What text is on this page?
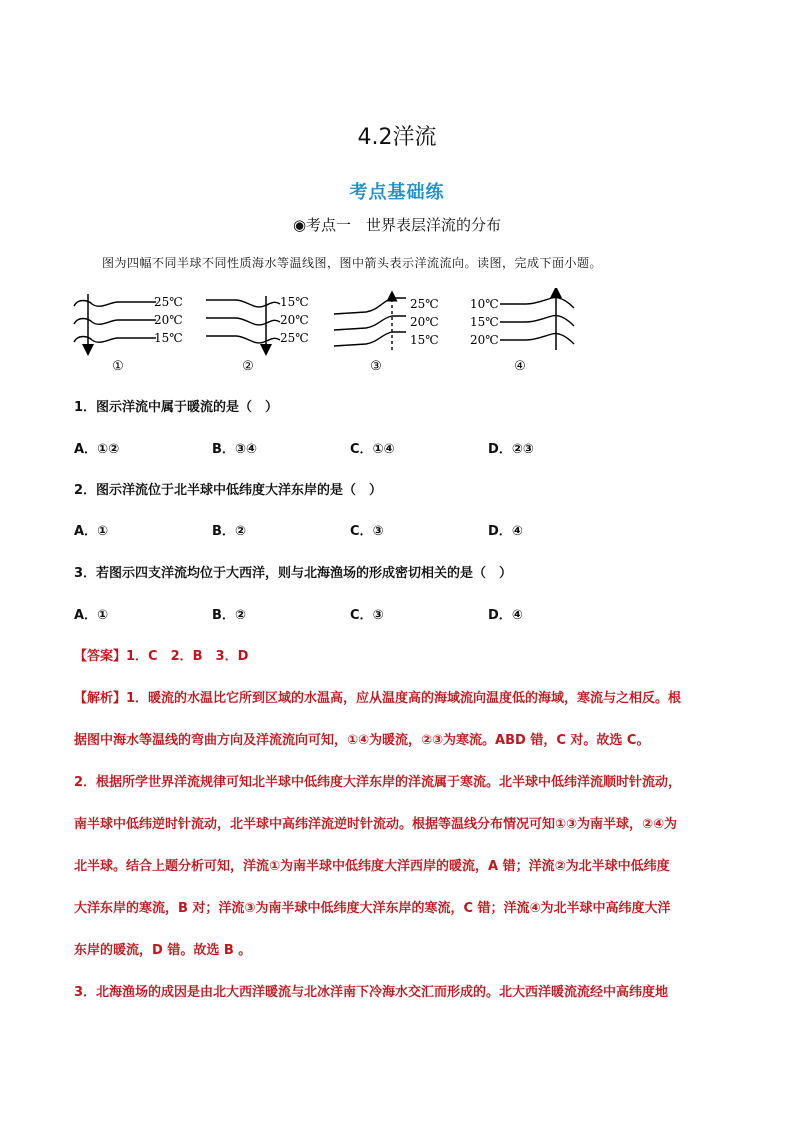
4.2洋流
考点基础练
◉考点一　世界表层洋流的分布
图为四幅不同半球不同性质海水等温线图，图中箭头表示洋流流向。读图，完成下面小题。
25℃
20℃
15℃
15℃
20℃
25℃
25℃
20℃
15℃
10℃
15℃
20℃
①	②	③	④
1．图示洋流中属于暖流的是（　）
A．①②	B．③④	C．①④	D．②③
2．图示洋流位于北半球中低纬度大洋东岸的是（　）
A．①	B．②	C．③	D．④
3．若图示四支洋流均位于大西洋，则与北海渔场的形成密切相关的是（　）
A．①	B．②	C．③	D．④
【答案】1．C　2．B　3．D
【解析】1．暖流的水温比它所到区域的水温高，应从温度高的海域流向温度低的海域，寒流与之相反。根
据图中海水等温线的弯曲方向及洋流流向可知，①④为暖流，②③为寒流。ABD 错，C 对。故选 C。
2．根据所学世界洋流规律可知北半球中低纬度大洋东岸的洋流属于寒流。北半球中低纬洋流顺时针流动，
南半球中低纬逆时针流动，北半球中高纬洋流逆时针流动。根据等温线分布情况可知①③为南半球，②④为
北半球。结合上题分析可知，洋流①为南半球中低纬度大洋西岸的暖流，A 错；洋流②为北半球中低纬度
大洋东岸的寒流，B 对；洋流③为南半球中低纬度大洋东岸的寒流，C 错；洋流④为北半球中高纬度大洋
东岸的暖流，D 错。故选 B 。
3．北海渔场的成因是由北大西洋暖流与北冰洋南下冷海水交汇而形成的。北大西洋暖流流经中高纬度地
